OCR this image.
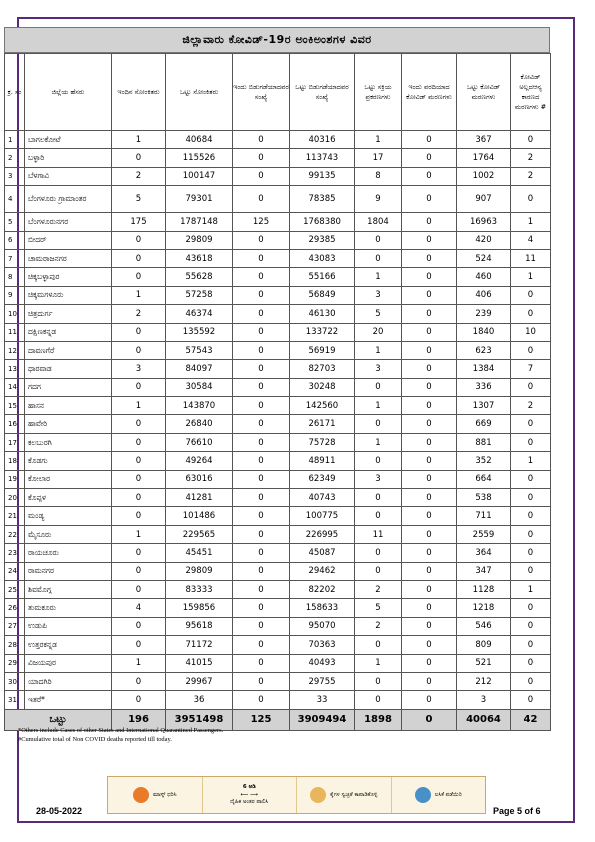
ಜಿಲ್ಲಾವಾರು ಕೋವಿಡ್-19ರ ಅಂಕಿಅಂಶಗಳ ವಿವರ
ಕ್ರ. ಸಂ	ಜಿಲ್ಲೆಯ ಹೆಸರು	ಇಂದಿನ ಸೋಂಕಿತರು	ಒಟ್ಟು ಸೋಂಕಿತರು	ಇಂದು ಬಿಡುಗಡೆಯಾದವರ ಸಂಖ್ಯೆ	ಒಟ್ಟು ಬಿಡುಗಡೆಯಾದವರ ಸಂಖ್ಯೆ	ಒಟ್ಟು ಸಕ್ರಿಯ ಪ್ರಕರಣಗಳು	ಇಂದು ವರದಿಯಾದ ಕೋವಿಡ್ ಮರಣಗಳು	ಒಟ್ಟು ಕೋವಿಡ್ ಮರಣಗಳು	ಕೋವಿಡ್ ಅಲ್ಲದಆನ್ಯ ಕಾರಣದ ಮರಣಗಳು #
1	ಬಾಗಲಕೋಟೆ	1	40684	0	40316	1	0	367	0
2	ಬಳ್ಳಾರಿ	0	115526	0	113743	17	0	1764	2
3	ಬೆಳಗಾವಿ	2	100147	0	99135	8	0	1002	2
4	ಬೆಂಗಳೂರು ಗ್ರಾಮಾಂತರ	5	79301	0	78385	9	0	907	0
5	ಬೆಂಗಳೂರುನಗರ	175	1787148	125	1768380	1804	0	16963	1
6	ಬೀದರ್	0	29809	0	29385	0	0	420	4
7	ಚಾಮರಾಜನಗರ	0	43618	0	43083	0	0	524	11
8	ಚಿಕ್ಕಬಳ್ಳಾಪುರ	0	55628	0	55166	1	0	460	1
9	ಚಿಕ್ಕಮಗಳೂರು	1	57258	0	56849	3	0	406	0
10	ಚಿತ್ರದುರ್ಗ	2	46374	0	46130	5	0	239	0
11	ದಕ್ಷಿಣಕನ್ನಡ	0	135592	0	133722	20	0	1840	10
12	ದಾವಣಗೆರೆ	0	57543	0	56919	1	0	623	0
13	ಧಾರವಾಡ	3	84097	0	82703	3	0	1384	7
14	ಗದಗ	0	30584	0	30248	0	0	336	0
15	ಹಾಸನ	1	143870	0	142560	1	0	1307	2
16	ಹಾವೇರಿ	0	26840	0	26171	0	0	669	0
17	ಕಲಬುರಗಿ	0	76610	0	75728	1	0	881	0
18	ಕೊಡಗು	0	49264	0	48911	0	0	352	1
19	ಕೋಲಾರ	0	63016	0	62349	3	0	664	0
20	ಕೊಪ್ಪಳ	0	41281	0	40743	0	0	538	0
21	ಮಂಡ್ಯ	0	101486	0	100775	0	0	711	0
22	ಮೈಸೂರು	1	229565	0	226995	11	0	2559	0
23	ರಾಯಚೂರು	0	45451	0	45087	0	0	364	0
24	ರಾಮನಗರ	0	29809	0	29462	0	0	347	0
25	ಶಿವಮೊಗ್ಗ	0	83333	0	82202	2	0	1128	1
26	ತುಮಕೂರು	4	159856	0	158633	5	0	1218	0
27	ಉಡುಪಿ	0	95618	0	95070	2	0	546	0
28	ಉತ್ತರಕನ್ನಡ	0	71172	0	70363	0	0	809	0
29	ವಿಜಯಪುರ	1	41015	0	40493	1	0	521	0
30	ಯಾದಗಿರಿ	0	29967	0	29755	0	0	212	0
31	ಇತರೆ*	0	36	0	33	0	0	3	0
ಒಟ್ಟು		196	3951498	125	3909494	1898	0	40064	42
*Others include Cases of other States and International Quarantined Passengers.
#Cumulative total of Non COVID deaths reported till today.
ಮಾಸ್ಕ್ ಧರಿಸಿ
6 ಅಡಿ
⟵ ⟶
ದೈಹಿಕ ಅಂತರ ಪಾಲಿಸಿ
ಕೈಗಳ ಸ್ವಚ್ಛತೆ ಕಾಪಾಡಿಕೊಳ್ಳಿ	ಲಸಿಕೆ ಪಡೆಯಿರಿ
28-05-2022	Page 5 of 6
